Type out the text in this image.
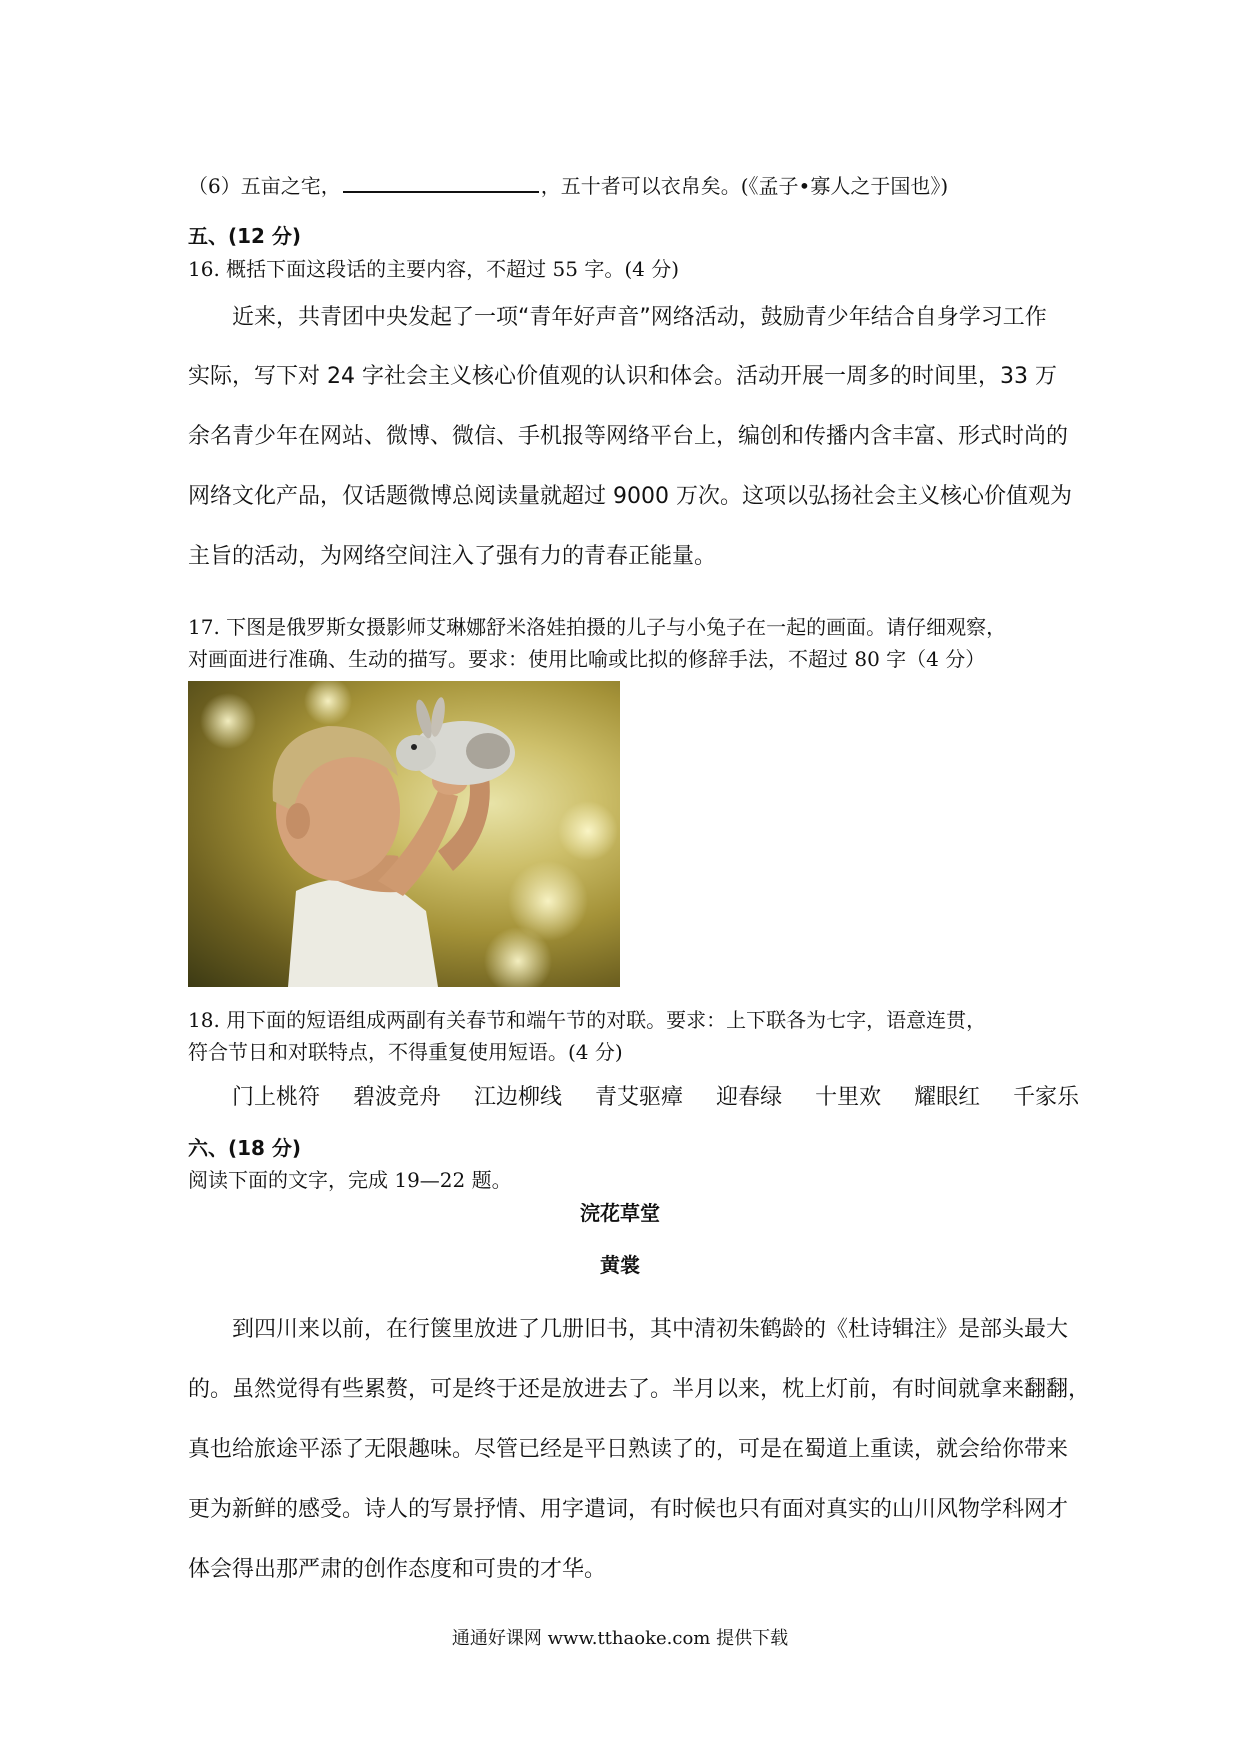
（6）五亩之宅，	，五十者可以衣帛矣。(《孟子•寡人之于国也》)
五、(12 分)
16. 概括下面这段话的主要内容，不超过 55 字。(4 分)
近来，共青团中央发起了一项“青年好声音”网络活动，鼓励青少年结合自身学习工作
实际，写下对 24 字社会主义核心价值观的认识和体会。活动开展一周多的时间里，33 万
余名青少年在网站、微博、微信、手机报等网络平台上，编创和传播内含丰富、形式时尚的
网络文化产品，仅话题微博总阅读量就超过 9000 万次。这项以弘扬社会主义核心价值观为
主旨的活动，为网络空间注入了强有力的青春正能量。
17. 下图是俄罗斯女摄影师艾琳娜舒米洛娃拍摄的儿子与小兔子在一起的画面。请仔细观察，
对画面进行准确、生动的描写。要求：使用比喻或比拟的修辞手法，不超过 80 字（4 分）
18. 用下面的短语组成两副有关春节和端午节的对联。要求：上下联各为七字，语意连贯，
符合节日和对联特点，不得重复使用短语。(4 分)
门上桃符 碧波竞舟 江边柳线 青艾驱瘴 迎春绿 十里欢 耀眼红 千家乐
六、(18 分)
阅读下面的文字，完成 19—22 题。
浣花草堂
黄裳
到四川来以前，在行箧里放进了几册旧书，其中清初朱鹤龄的《杜诗辑注》是部头最大
的。虽然觉得有些累赘，可是终于还是放进去了。半月以来，枕上灯前，有时间就拿来翻翻，
真也给旅途平添了无限趣味。尽管已经是平日熟读了的，可是在蜀道上重读，就会给你带来
更为新鲜的感受。诗人的写景抒情、用字遣词，有时候也只有面对真实的山川风物学科网才
体会得出那严肃的创作态度和可贵的才华。
通通好课网 www.tthaoke.com 提供下载
